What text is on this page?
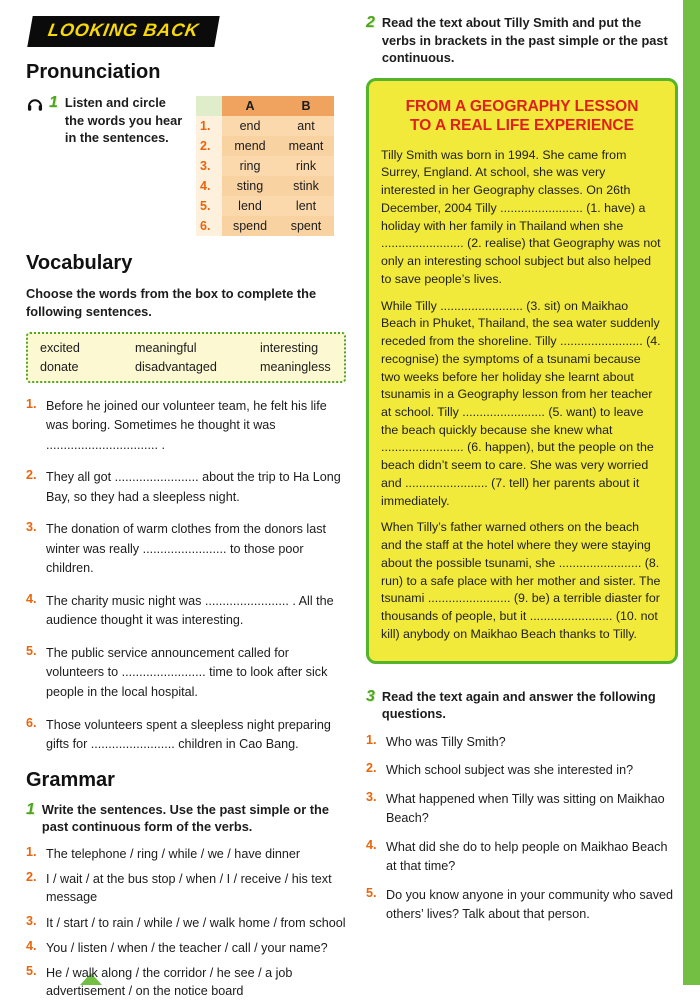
LOOKING BACK
Pronunciation
1 Listen and circle the words you hear in the sentences.
	A	B
1.	end	ant
2.	mend	meant
3.	ring	rink
4.	sting	stink
5.	lend	lent
6.	spend	spent
Vocabulary
Choose the words from the box to complete the following sentences.
excited	meaningful	interesting
donate	disadvantaged	meaningless
1. Before he joined our volunteer team, he felt his life was boring. Sometimes he thought it was ................................ .
2. They all got ........................ about the trip to Ha Long Bay, so they had a sleepless night.
3. The donation of warm clothes from the donors last winter was really ........................ to those poor children.
4. The charity music night was ........................ . All the audience thought it was interesting.
5. The public service announcement called for volunteers to ........................ time to look after sick people in the local hospital.
6. Those volunteers spent a sleepless night preparing gifts for ........................ children in Cao Bang.
Grammar
1 Write the sentences. Use the past simple or the past continuous form of the verbs.
1. The telephone / ring / while / we / have dinner
2. I / wait / at the bus stop / when / I / receive / his text message
3. It / start / to rain / while / we / walk home / from school
4. You / listen / when / the teacher / call / your name?
5. He / walk along / the corridor / he see / a job advertisement / on the notice board
2 Read the text about Tilly Smith and put the verbs in brackets in the past simple or the past continuous.
FROM A GEOGRAPHY LESSON
TO A REAL LIFE EXPERIENCE

Tilly Smith was born in 1994. She came from Surrey, England. At school, she was very interested in her Geography classes. On 26th December, 2004 Tilly ........................ (1. have) a holiday with her family in Thailand when she ........................ (2. realise) that Geography was not only an interesting school subject but also helped to save people’s lives.

While Tilly ........................ (3. sit) on Maikhao Beach in Phuket, Thailand, the sea water suddenly receded from the shoreline. Tilly ........................ (4. recognise) the symptoms of a tsunami because two weeks before her holiday she learnt about tsunamis in a Geography lesson from her teacher at school. Tilly ........................ (5. want) to leave the beach quickly because she knew what ........................ (6. happen), but the people on the beach didn’t seem to care. She was very worried and ........................ (7. tell) her parents about it immediately.

When Tilly’s father warned others on the beach and the staff at the hotel where they were staying about the possible tsunami, she ........................ (8. run) to a safe place with her mother and sister. The tsunami ........................ (9. be) a terrible diaster for thousands of people, but it ........................ (10. not kill) anybody on Maikhao Beach thanks to Tilly.

3 Read the text again and answer the following questions.
1. Who was Tilly Smith?
2. Which school subject was she interested in?
3. What happened when Tilly was sitting on Maikhao Beach?
4. What did she do to help people on Maikhao Beach at that time?
5. Do you know anyone in your community who saved others’ lives? Talk about that person.
